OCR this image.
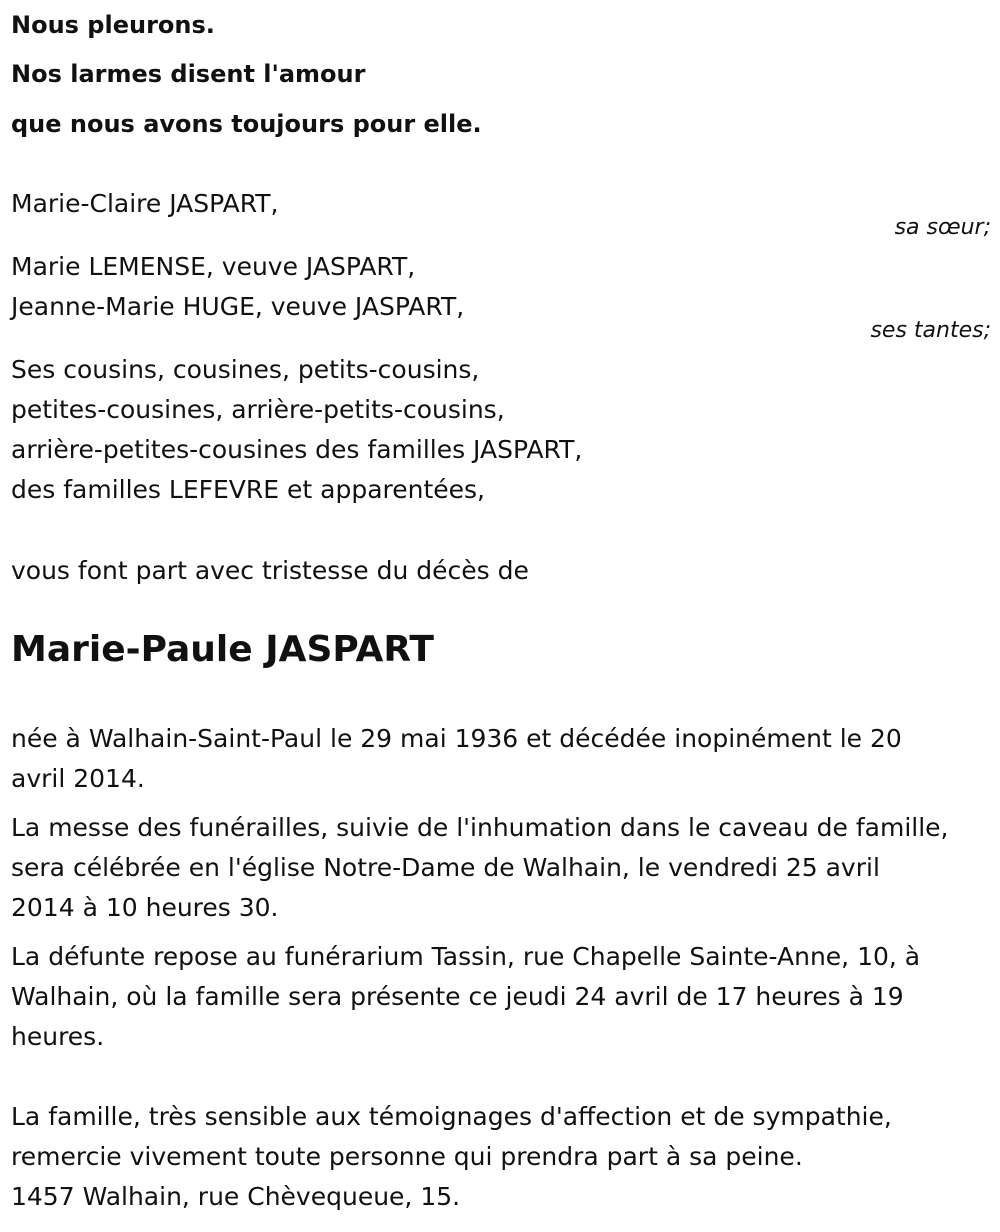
Nous pleurons.
Nos larmes disent l'amour
que nous avons toujours pour elle.
Marie-Claire JASPART,
sa sœur;
Marie LEMENSE, veuve JASPART,
Jeanne-Marie HUGE, veuve JASPART,
ses tantes;
Ses cousins, cousines, petits-cousins,
petites-cousines, arrière-petits-cousins,
arrière-petites-cousines des familles JASPART,
des familles LEFEVRE et apparentées,
vous font part avec tristesse du décès de
Marie-Paule JASPART
née à Walhain-Saint-Paul le 29 mai 1936 et décédée inopinément le 20
avril 2014.
La messe des funérailles, suivie de l'inhumation dans le caveau de famille,
sera célébrée en l'église Notre-Dame de Walhain, le vendredi 25 avril
2014 à 10 heures 30.
La défunte repose au funérarium Tassin, rue Chapelle Sainte-Anne, 10, à
Walhain, où la famille sera présente ce jeudi 24 avril de 17 heures à 19
heures.
La famille, très sensible aux témoignages d'affection et de sympathie,
remercie vivement toute personne qui prendra part à sa peine.
1457 Walhain, rue Chèvequeue, 15.
